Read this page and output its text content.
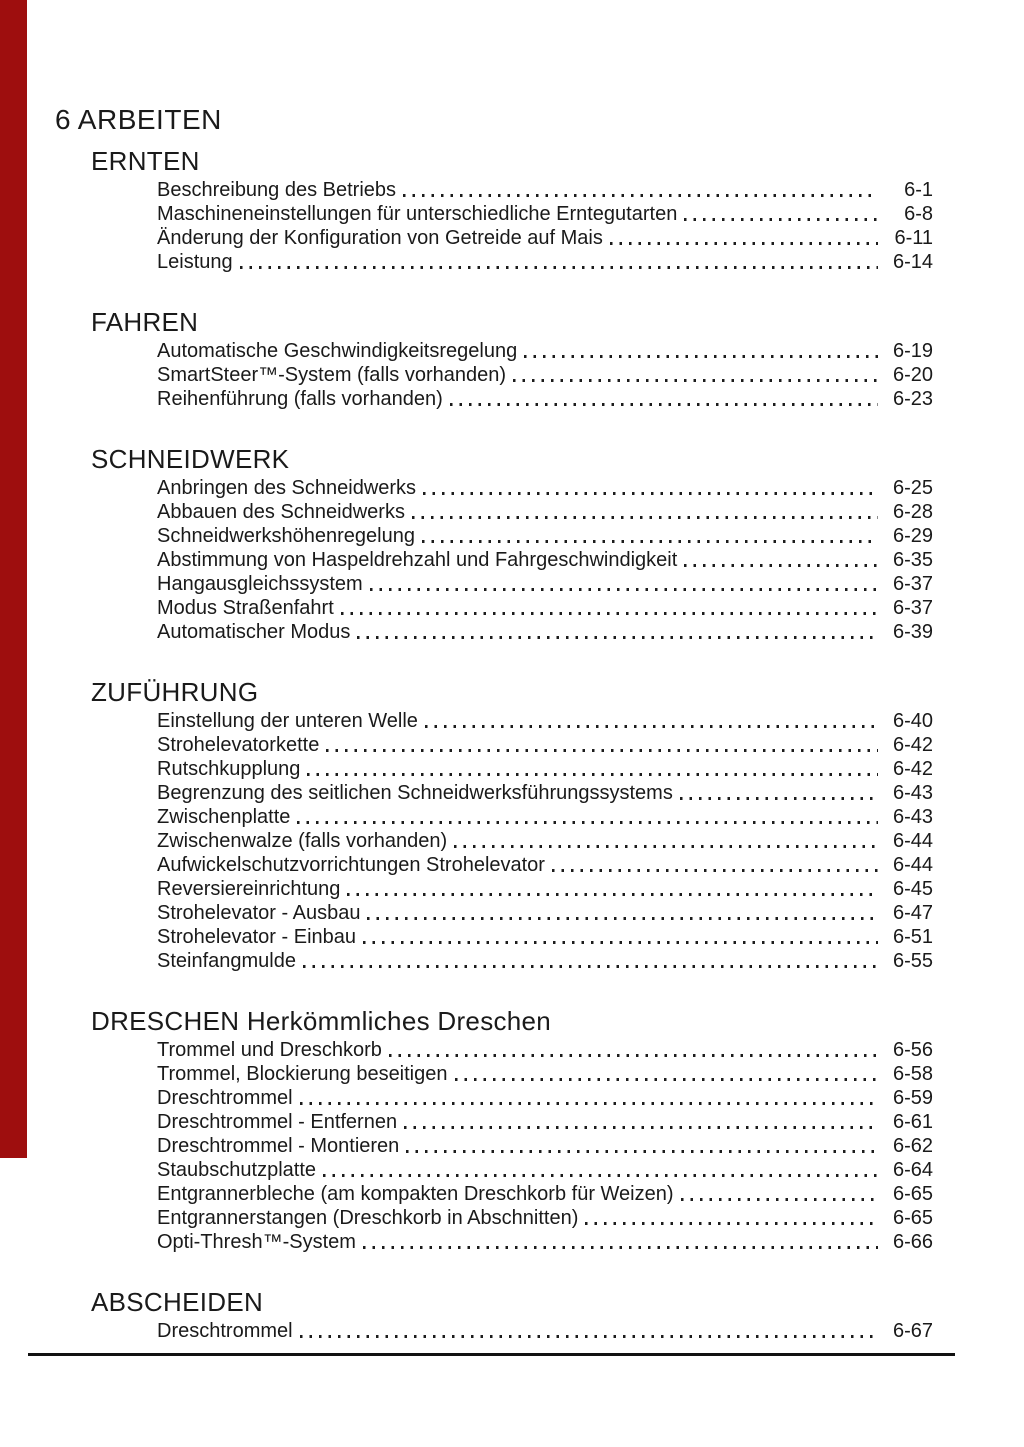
6 ARBEITEN
ERNTEN
Beschreibung des Betriebs	6-1
Maschineneinstellungen für unterschiedliche Erntegutarten	6-8
Änderung der Konfiguration von Getreide auf Mais	6-11
Leistung	6-14
FAHREN
Automatische Geschwindigkeitsregelung	6-19
SmartSteer™-System (falls vorhanden)	6-20
Reihenführung (falls vorhanden)	6-23
SCHNEIDWERK
Anbringen des Schneidwerks	6-25
Abbauen des Schneidwerks	6-28
Schneidwerkshöhenregelung	6-29
Abstimmung von Haspeldrehzahl und Fahrgeschwindigkeit	6-35
Hangausgleichssystem	6-37
Modus Straßenfahrt	6-37
Automatischer Modus	6-39
ZUFÜHRUNG
Einstellung der unteren Welle	6-40
Strohelevatorkette	6-42
Rutschkupplung	6-42
Begrenzung des seitlichen Schneidwerksführungssystems	6-43
Zwischenplatte	6-43
Zwischenwalze (falls vorhanden)	6-44
Aufwickelschutzvorrichtungen Strohelevator	6-44
Reversiereinrichtung	6-45
Strohelevator - Ausbau	6-47
Strohelevator - Einbau	6-51
Steinfangmulde	6-55
DRESCHEN Herkömmliches Dreschen
Trommel und Dreschkorb	6-56
Trommel, Blockierung beseitigen	6-58
Dreschtrommel	6-59
Dreschtrommel - Entfernen	6-61
Dreschtrommel - Montieren	6-62
Staubschutzplatte	6-64
Entgrannerbleche (am kompakten Dreschkorb für Weizen)	6-65
Entgrannerstangen (Dreschkorb in Abschnitten)	6-65
Opti-Thresh™-System	6-66
ABSCHEIDEN
Dreschtrommel	6-67
